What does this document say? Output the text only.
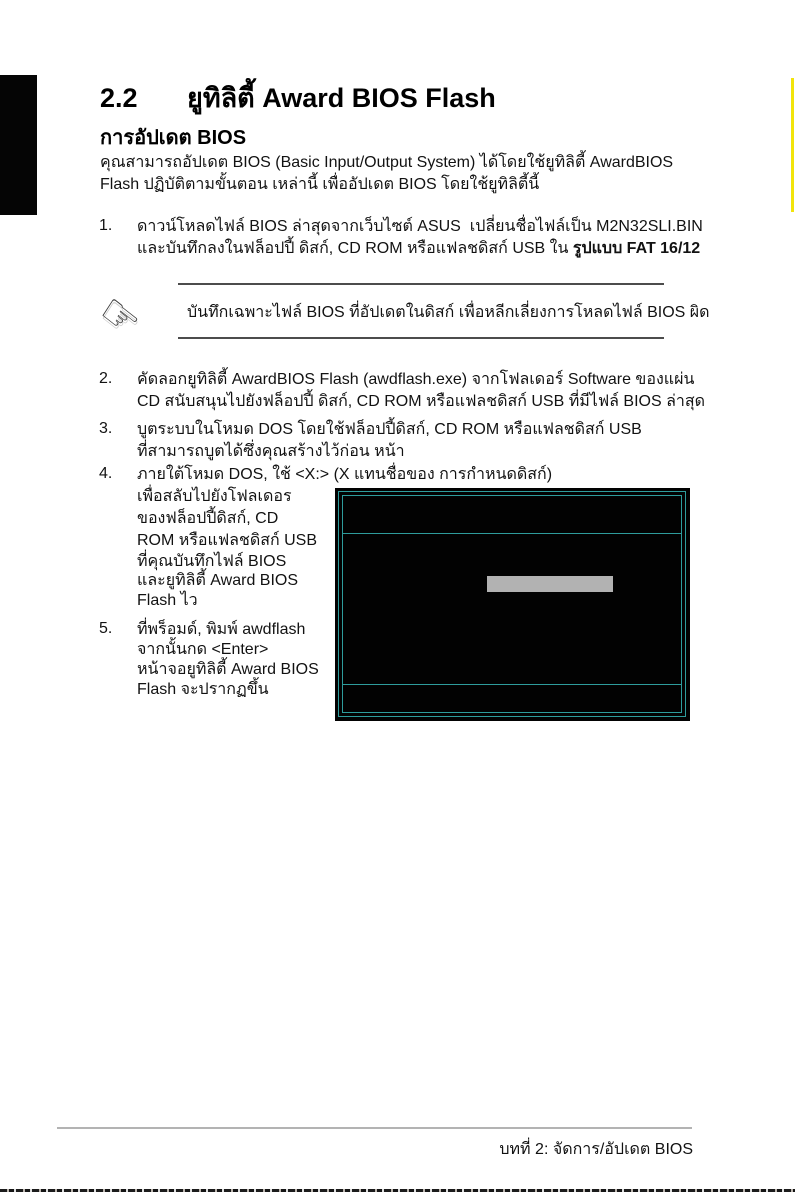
2.2 ยูทิลิตี้ Award BIOS Flash
การอัปเดต BIOS
คุณสามารถอัปเดต BIOS (Basic Input/Output System) ได้โดยใช้ยูทิลิตี้ AwardBIOS
Flash ปฏิบัติตามขั้นตอน เหล่านี้ เพื่ออัปเดต BIOS โดยใช้ยูทิลิตี้นี้
1. ดาวน์โหลดไฟล์ BIOS ล่าสุดจากเว็บไซต์ ASUS  เปลี่ยนชื่อไฟล์เป็น M2N32SLI.BIN
และบันทึกลงในฟล็อปปี้ ดิสก์, CD ROM หรือแฟลชดิสก์ USB ใน รูปแบบ FAT 16/12
☞	บันทึกเฉพาะไฟล์ BIOS ที่อัปเดตในดิสก์ เพื่อหลีกเลี่ยงการโหลดไฟล์ BIOS ผิด
2. คัดลอกยูทิลิตี้ AwardBIOS Flash (awdflash.exe) จากโฟลเดอร์ Software ของแผ่น
CD สนับสนุนไปยังฟล็อปปี้ ดิสก์, CD ROM หรือแฟลชดิสก์ USB ที่มีไฟล์ BIOS ล่าสุด
3. บูตระบบในโหมด DOS โดยใช้ฟล็อปปี้ดิสก์, CD ROM หรือแฟลชดิสก์ USB
ที่สามารถบูตได้ซึ่งคุณสร้างไว้ก่อน หน้า
4. ภายใต้โหมด DOS, ใช้ <X:> (X แทนชื่อของ การกำหนดดิสก์)
เพื่อสลับไปยังโฟลเดอร
ของฟล็อปปี้ดิสก์, CD
ROM หรือแฟลชดิสก์ USB
ที่คุณบันทึกไฟล์ BIOS
และยูทิลิตี้ Award BIOS
Flash ไว
5. ที่พร็อมด์, พิมพ์ awdflash
จากนั้นกด <Enter>
หน้าจอยูทิลิตี้ Award BIOS
Flash จะปรากฏขึ้น
บทที่ 2: จัดการ/อัปเดต BIOS
